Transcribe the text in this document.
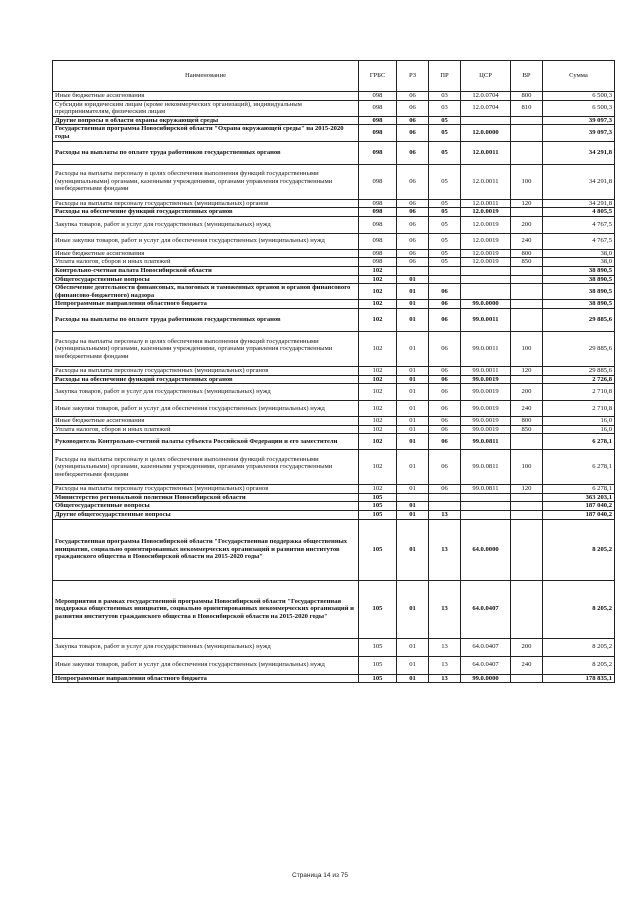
Наименование	ГРБС	РЗ	ПР	ЦСР	ВР	Сумма
Иные бюджетные ассигнования	098	06	03	12.0.0704	800	6 500,3
Субсидии юридическим лицам (кроме некоммерческих организаций), индивидуальным предпринимателям, физическим лицам	098	06	03	12.0.0704	810	6 500,3
Другие вопросы в области охраны окружающей среды	098	06	05			39 097,3
Государственная программа Новосибирской области "Охрана окружающей среды" на 2015-2020 годы	098	06	05	12.0.0000		39 097,3
Расходы на выплаты по оплате труда работников государственных органов	098	06	05	12.0.0011		34 291,8
Расходы на выплаты персоналу в целях обеспечения выполнения функций государственными (муниципальными) органами, казенными учреждениями, органами управления государственными внебюджетными фондами	098	06	05	12.0.0011	100	34 291,8
Расходы на выплаты персоналу государственных (муниципальных) органов	098	06	05	12.0.0011	120	34 291,8
Расходы на обеспечение функций государственных органов	098	06	05	12.0.0019		4 805,5
Закупка товаров, работ и услуг для государственных (муниципальных) нужд	098	06	05	12.0.0019	200	4 767,5
Иные закупки товаров, работ и услуг для обеспечения государственных (муниципальных) нужд	098	06	05	12.0.0019	240	4 767,5
Иные бюджетные ассигнования	098	06	05	12.0.0019	800	38,0
Уплата налогов, сборов и иных платежей	098	06	05	12.0.0019	850	38,0
Контрольно-счетная палата Новосибирской области	102					38 890,5
Общегосударственные вопросы	102	01				38 890,5
Обеспечение деятельности финансовых, налоговых и таможенных органов и органов финансового (финансово-бюджетного) надзора	102	01	06			38 890,5
Непрограммные направления областного бюджета	102	01	06	99.0.0000		38 890,5
Расходы на выплаты по оплате труда работников государственных органов	102	01	06	99.0.0011		29 885,6
Расходы на выплаты персоналу в целях обеспечения выполнения функций государственными (муниципальными) органами, казенными учреждениями, органами управления государственными внебюджетными фондами	102	01	06	99.0.0011	100	29 885,6
Расходы на выплаты персоналу государственных (муниципальных) органов	102	01	06	99.0.0011	120	29 885,6
Расходы на обеспечение функций государственных органов	102	01	06	99.0.0019		2 726,8
Закупка товаров, работ и услуг для государственных (муниципальных) нужд	102	01	06	99.0.0019	200	2 710,8
Иные закупки товаров, работ и услуг для обеспечения государственных (муниципальных) нужд	102	01	06	99.0.0019	240	2 710,8
Иные бюджетные ассигнования	102	01	06	99.0.0019	800	16,0
Уплата налогов, сборов и иных платежей	102	01	06	99.0.0019	850	16,0
Руководитель Контрольно-счетной палаты субъекта Российской Федерации и его заместители	102	01	06	99.0.0811		6 278,1
Расходы на выплаты персоналу в целях обеспечения выполнения функций государственными (муниципальными) органами, казенными учреждениями, органами управления государственными внебюджетными фондами	102	01	06	99.0.0811	100	6 278,1
Расходы на выплаты персоналу государственных (муниципальных) органов	102	01	06	99.0.0811	120	6 278,1
Министерство региональной политики Новосибирской области	105					363 203,1
Общегосударственные вопросы	105	01				187 040,2
Другие общегосударственные вопросы	105	01	13			187 040,2
Государственная программа Новосибирской области "Государственная поддержка общественных инициатив, социально ориентированных некоммерческих организаций и развития институтов гражданского общества в Новосибирской области на 2015-2020 годы"	105	01	13	64.0.0000		8 205,2
Мероприятия в рамках государственной программы Новосибирской области "Государственная поддержка общественных инициатив, социально ориентированных некоммерческих организаций и развития институтов гражданского общества в Новосибирской области на 2015-2020 годы"	105	01	13	64.0.0407		8 205,2
Закупка товаров, работ и услуг для государственных (муниципальных) нужд	105	01	13	64.0.0407	200	8 205,2
Иные закупки товаров, работ и услуг для обеспечения государственных (муниципальных) нужд	105	01	13	64.0.0407	240	8 205,2
Непрограммные направления областного бюджета	105	01	13	99.0.0000		178 835,1
Страница 14 из 75
